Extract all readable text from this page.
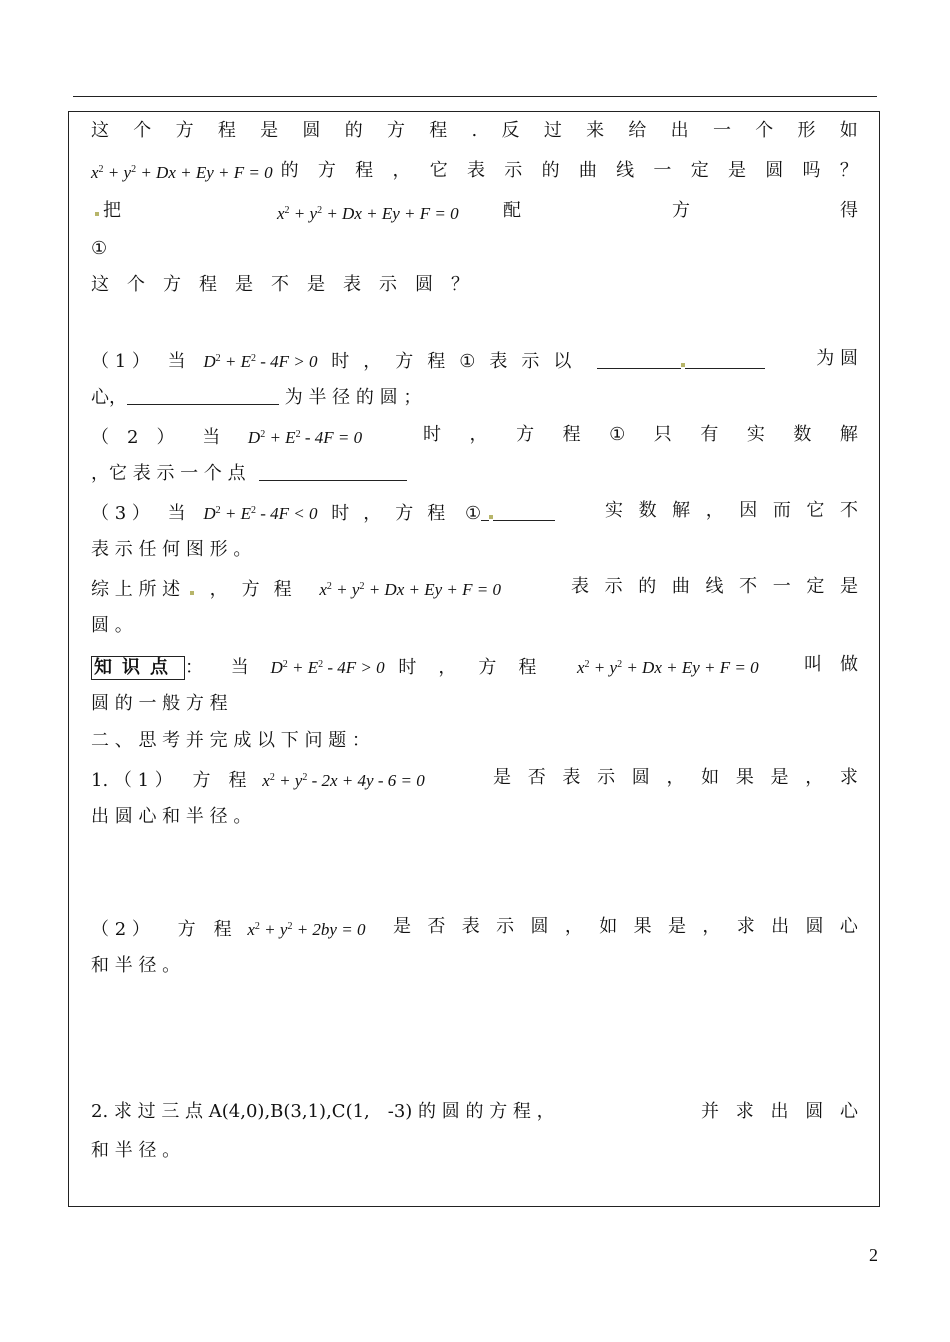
这 个 方 程 是 圆 的 方 程 . 反 过 来 给 出 一 个 形 如
$x^2 + y^2 + Dx + Ey + F = 0$ 的 方 程 ， 它 表 示 的 曲 线 一 定 是 圆 吗 ？
把	$x^2 + y^2 + Dx + Ey + F = 0$ 配	方	得
①
这 个 方 程 是 不 是 表 示 圆 ？
（ 1 ） 当 $D^2 + E^2 - 4F > 0$ 时 ， 方 程 ① 表 示 以	为 圆
心，	为 半 径 的 圆 ；
（　2　） 当 $D^2 + E^2 - 4F = 0$	时 ， 方 程 ① 只 有 实 数 解
，它 表 示 一 个 点
（ 3 ） 当 $D^2 + E^2 - 4F < 0$ 时 ， 方 程 ①	实 数 解 ， 因 而 它 不
表 示 任 何 图 形 。
综 上 所 述 ， 方 程 $x^2 + y^2 + Dx + Ey + F = 0$	表 示 的 曲 线 不 一 定 是
圆 。
知识点 ： 当 $D^2 + E^2 - 4F > 0$ 时 ， 方 程 $x^2 + y^2 + Dx + Ey + F = 0$	叫　做
圆 的 一 般 方 程
二 、 思 考 并 完 成 以 下 问 题 ：
1. （ 1 ） 方　程 $x^2 + y^2 - 2x + 4y - 6 = 0$	是 否 表 示 圆 ， 如 果 是 ， 求
出 圆 心 和 半 径 。
（ 2 ） 方　程 $x^2 + y^2 + 2by = 0$ 是 否 表 示 圆 ， 如 果 是 ， 求 出 圆 心
和 半 径 。
2. 求 过 三 点 A(4,0),B(3,1),C(1,　-3) 的 圆 的 方 程 ，	并 求 出 圆 心
和 半 径 。
2
